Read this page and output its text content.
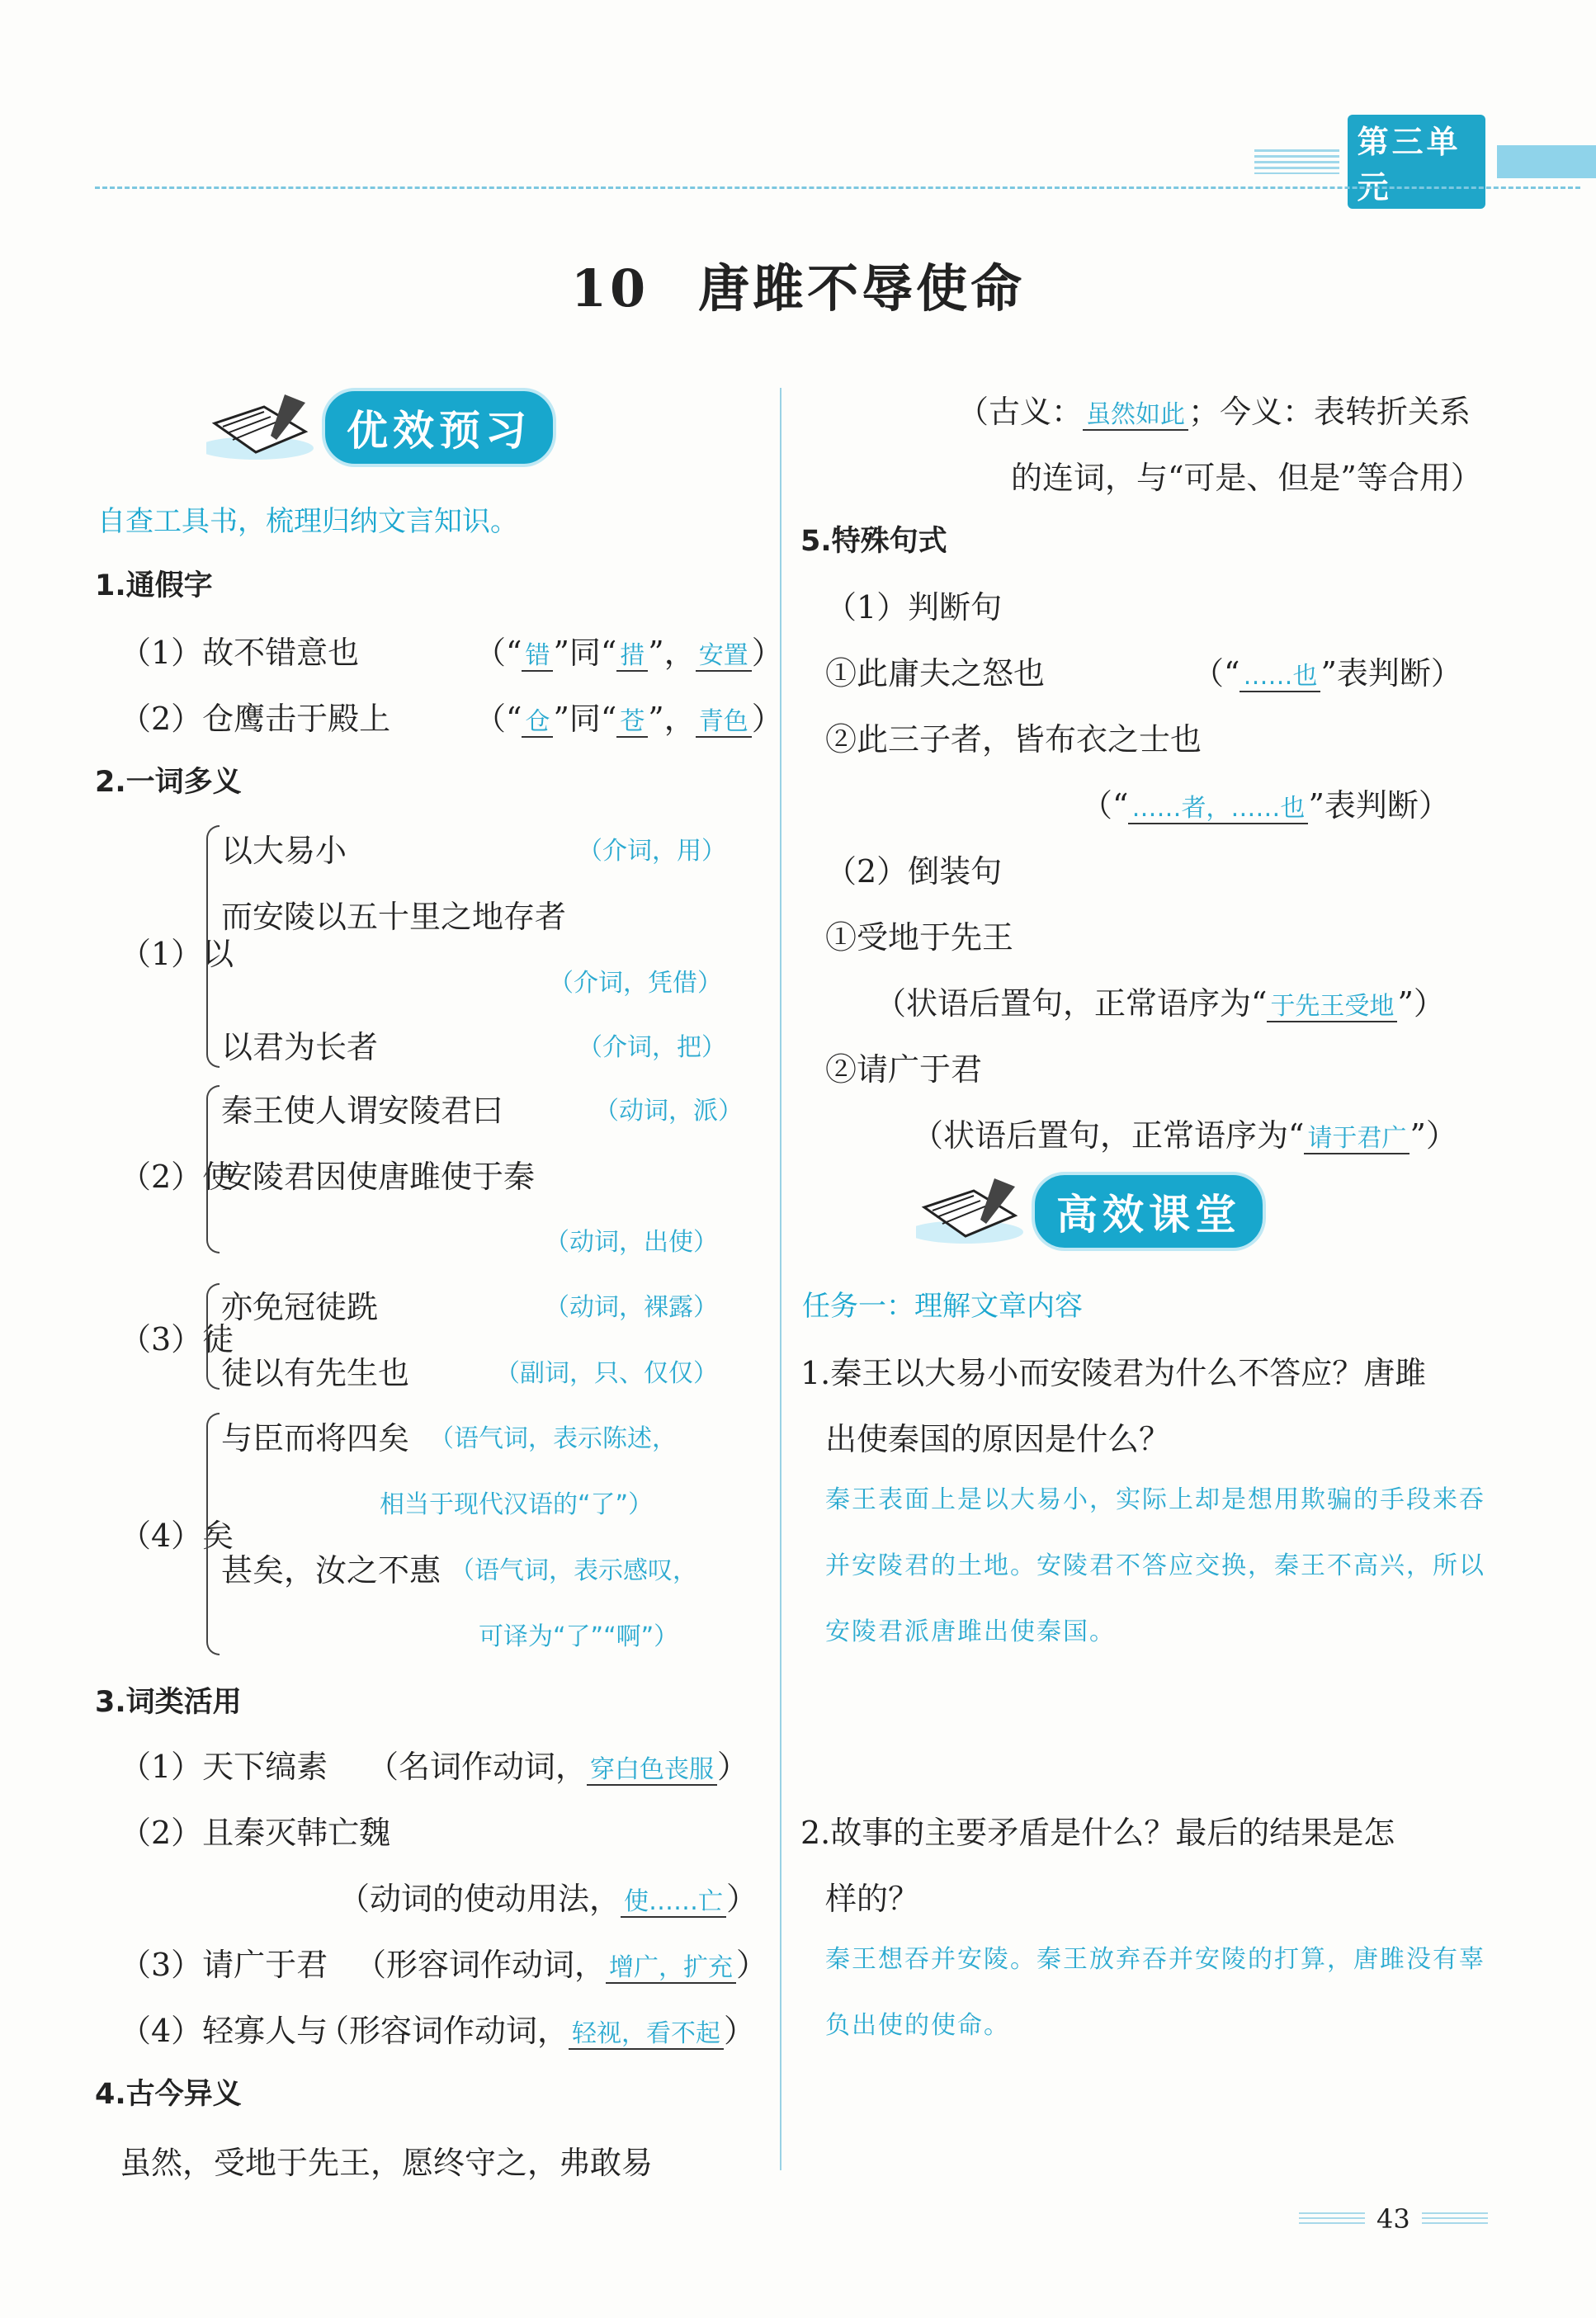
第三单元
10 唐雎不辱使命
优效预习
自查工具书，梳理归纳文言知识。
1.通假字
（1）故不错意也	（“ 错 ”同“ 措 ”， 安置 ）
（2）仓鹰击于殿上	（“ 仓 ”同“ 苍 ”， 青色 ）
2.一词多义
（1）以
以大易小	（介词，用）
而安陵以五十里之地存者
（介词，凭借）
以君为长者	（介词，把）
（2）使
秦王使人谓安陵君曰	（动词，派）
安陵君因使唐雎使于秦
（动词，出使）
（3）徒
亦免冠徒跣	（动词，裸露）
徒以有先生也	（副词，只、仅仅）
（4）矣
与臣而将四矣 （语气词，表示陈述，
相当于现代汉语的“了”）
甚矣，汝之不惠 （语气词，表示感叹，
可译为“了”“啊”）
3.词类活用
（1）天下缟素 （名词作动词， 穿白色丧服 ）
（2）且秦灭韩亡魏
（动词的使动用法， 使……亡 ）
（3）请广于君 （形容词作动词， 增广，扩充 ）
（4）轻寡人与
（形容词作动词， 轻视，看不起 ）
4.古今异义
虽然，受地于先王，愿终守之，弗敢易
（古义： 虽然如此 ；今义：表转折关系
的连词，与“可是、但是”等合用）
5.特殊句式
（1）判断句
①此庸夫之怒也	（“ ……也 ”表判断）
②此三子者，皆布衣之士也
（“ ……者，……也 ”表判断）
（2）倒装句
①受地于先王
（状语后置句，正常语序为“ 于先王受地 ”）
②请广于君
（状语后置句，正常语序为“ 请于君广 ”）
高效课堂
任务一：理解文章内容
1.秦王以大易小而安陵君为什么不答应？唐雎
出使秦国的原因是什么？
秦王表面上是以大易小，实际上却是想用欺骗的手段来吞并安陵君的土地。安陵君不答应交换，秦王不高兴，所以安陵君派唐雎出使秦国。
2.故事的主要矛盾是什么？最后的结果是怎
样的？
秦王想吞并安陵。秦王放弃吞并安陵的打算，唐雎没有辜负出使的使命。
43
